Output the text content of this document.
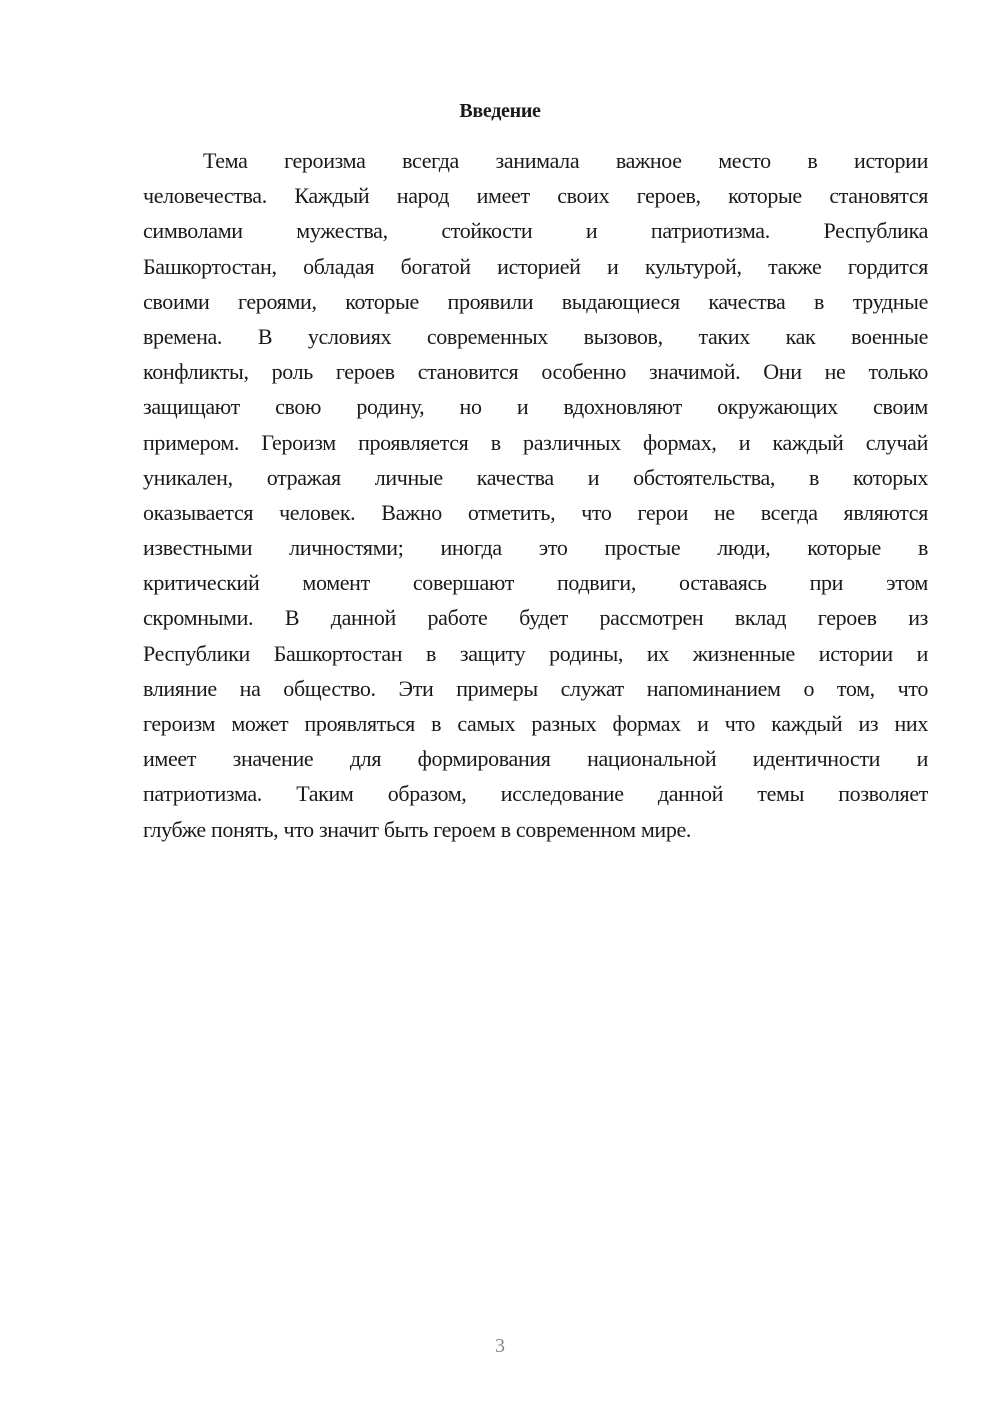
Введение
Тема героизма всегда занимала важное место в истории
человечества. Каждый народ имеет своих героев, которые становятся
символами мужества, стойкости и патриотизма. Республика
Башкортостан, обладая богатой историей и культурой, также гордится
своими героями, которые проявили выдающиеся качества в трудные
времена. В условиях современных вызовов, таких как военные
конфликты, роль героев становится особенно значимой. Они не только
защищают свою родину, но и вдохновляют окружающих своим
примером. Героизм проявляется в различных формах, и каждый случай
уникален, отражая личные качества и обстоятельства, в которых
оказывается человек. Важно отметить, что герои не всегда являются
известными личностями; иногда это простые люди, которые в
критический момент совершают подвиги, оставаясь при этом
скромными. В данной работе будет рассмотрен вклад героев из
Республики Башкортостан в защиту родины, их жизненные истории и
влияние на общество. Эти примеры служат напоминанием о том, что
героизм может проявляться в самых разных формах и что каждый из них
имеет значение для формирования национальной идентичности и
патриотизма. Таким образом, исследование данной темы позволяет
глубже понять, что значит быть героем в современном мире.
3
